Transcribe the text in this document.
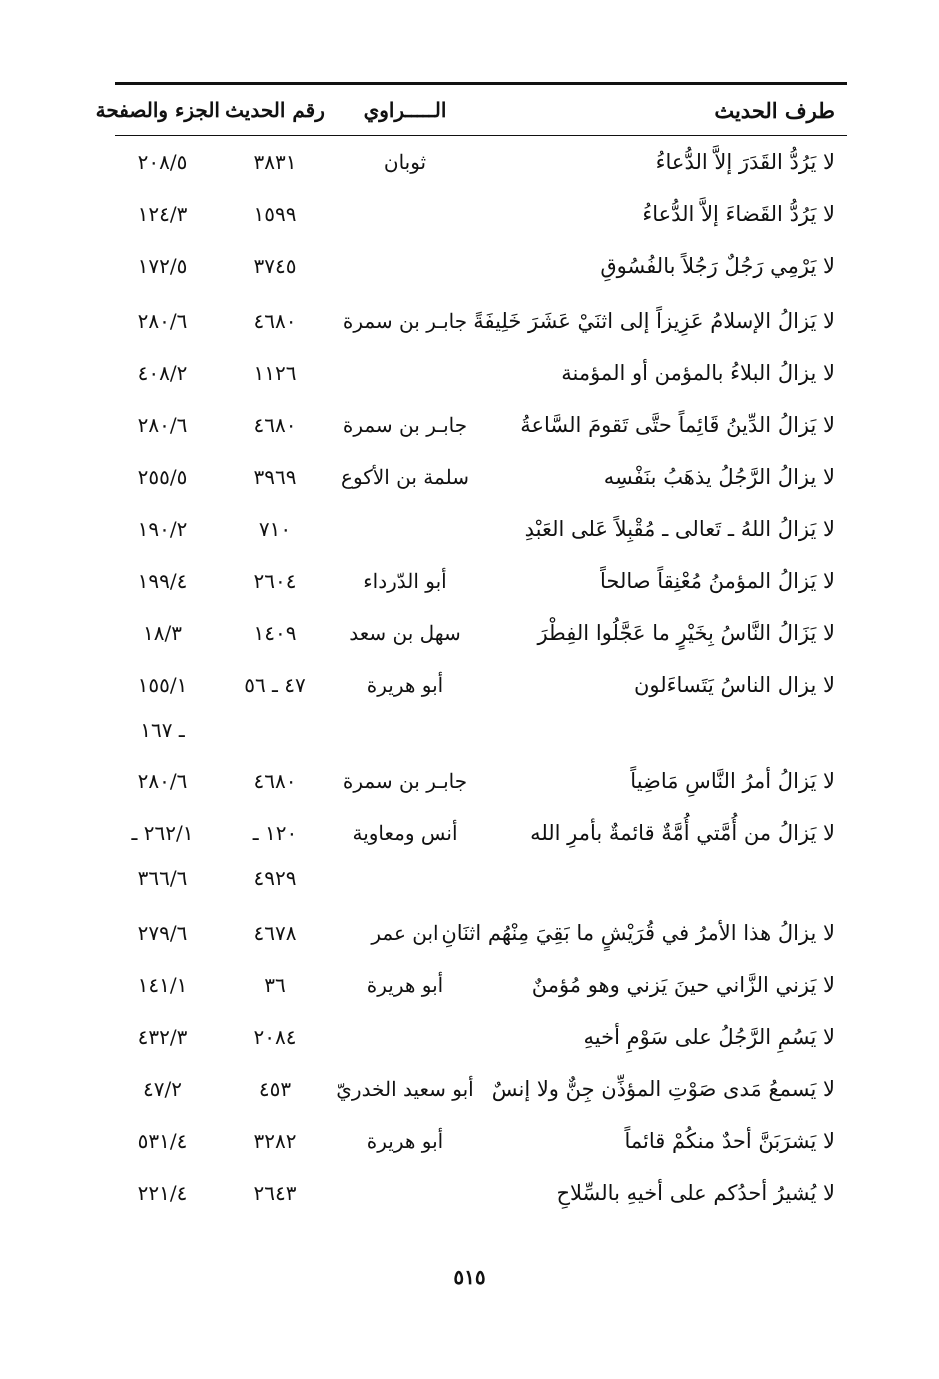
طرف الحديث
الـــــراوي
رقم الحديث
الجزء والصفحة
لا يَرُدُّ القَدَرَ إلاَّ الدُّعاءُ
ثوبان
٣٨٣١
٢٠٨/٥
لا يَرُدُّ القَضاءَ إلاَّ الدُّعاءُ
١٥٩٩
١٢٤/٣
لا يَرْمِي رَجُلٌ رَجُلاً بالفُسُوقِ
٣٧٤٥
١٧٢/٥
لا يَزالُ الإسلامُ عَزِيزاً إلى اثنَيْ عَشَرَ خَلِيفَةً
جابـر بن سمرة
٤٦٨٠
٢٨٠/٦
لا يزالُ البلاءُ بالمؤمن أو المؤمنة
١١٢٦
٤٠٨/٢
لا يَزالُ الدِّينُ قَائِماً حتَّى تَقومَ السَّاعةُ
جابـر بن سمرة
٤٦٨٠
٢٨٠/٦
لا يزالُ الرَّجُلُ يذهَبُ بنَفْسِه
سلمة بن الأكوع
٣٩٦٩
٢٥٥/٥
لا يَزالُ اللهُ ـ تَعالى ـ مُقْبِلاً عَلى العَبْدِ
٧١٠
١٩٠/٢
لا يَزالُ المؤمنُ مُعْنِقاً صالحاً
أبو الدّرداء
٢٦٠٤
١٩٩/٤
لا يَزَالُ النَّاسُ بِخَيْرٍ ما عَجَّلُوا الفِطْرَ
سهل بن سعد
١٤٠٩
١٨/٣
لا يزال الناسُ يَتَساءَلون
أبو هريرة
٤٧ ـ ٥٦
١٥٥/١
ـ ١٦٧
لا يَزالُ أمرُ النَّاسِ مَاضِياً
جابـر بن سمرة
٤٦٨٠
٢٨٠/٦
لا يَزالُ من أُمَّتي أُمَّةٌ قائمةٌ بأمرِ الله
أنس ومعاوية
١٢٠ ـ
٢٦٢/١ ـ
٤٩٢٩
٣٦٦/٦
لا يزالُ هذا الأمرُ في قُرَيْشٍ ما بَقِيَ مِنْهُم اثنَانِ
ابن عمر
٤٦٧٨
٢٧٩/٦
لا يَزني الزَّاني حينَ يَزني وهو مُؤمنٌ
أبو هريرة
٣٦
١٤١/١
لا يَسُمِ الرَّجُلُ على سَوْمِ أخيهِ
٢٠٨٤
٤٣٢/٣
لا يَسمعُ مَدى صَوْتِ المؤذِّن جِنٌّ ولا إنسٌ
أبو سعيد الخدريّ
٤٥٣
٤٧/٢
لا يَشرَبَنَّ أحدٌ منكُمْ قائماً
أبو هريرة
٣٢٨٢
٥٣١/٤
لا يُشيرُ أحدُكم على أخيهِ بالسِّلاحِ
٢٦٤٣
٢٢١/٤
٥١٥
